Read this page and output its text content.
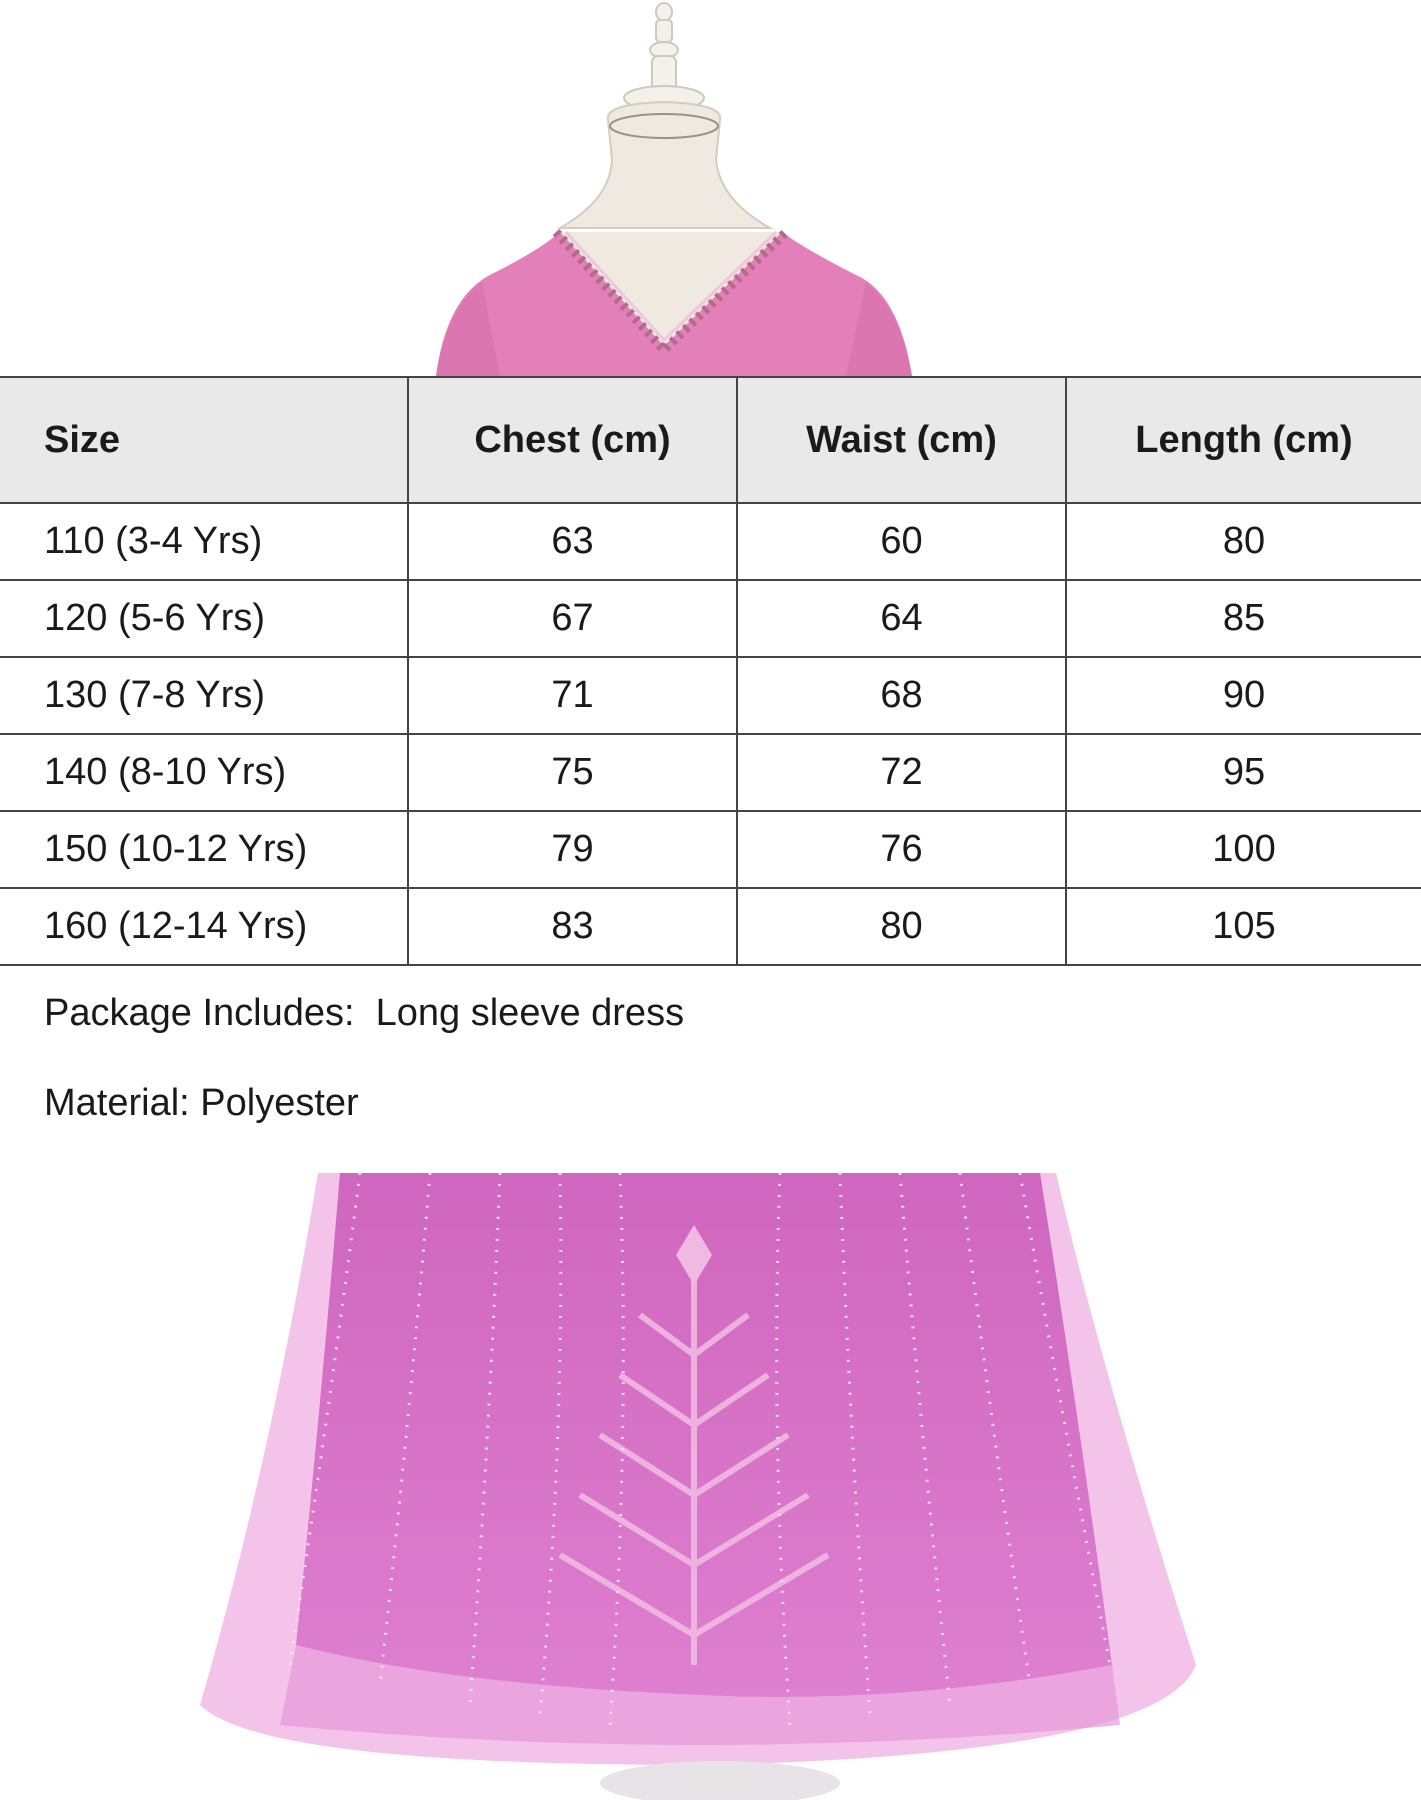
Size	Chest (cm)	Waist (cm)	Length (cm)
110 (3-4 Yrs)	63	60	80
120 (5-6 Yrs)	67	64	85
130 (7-8 Yrs)	71	68	90
140 (8-10 Yrs)	75	72	95
150 (10-12 Yrs)	79	76	100
160 (12-14 Yrs)	83	80	105
Package Includes:  Long sleeve dress
Material: Polyester
